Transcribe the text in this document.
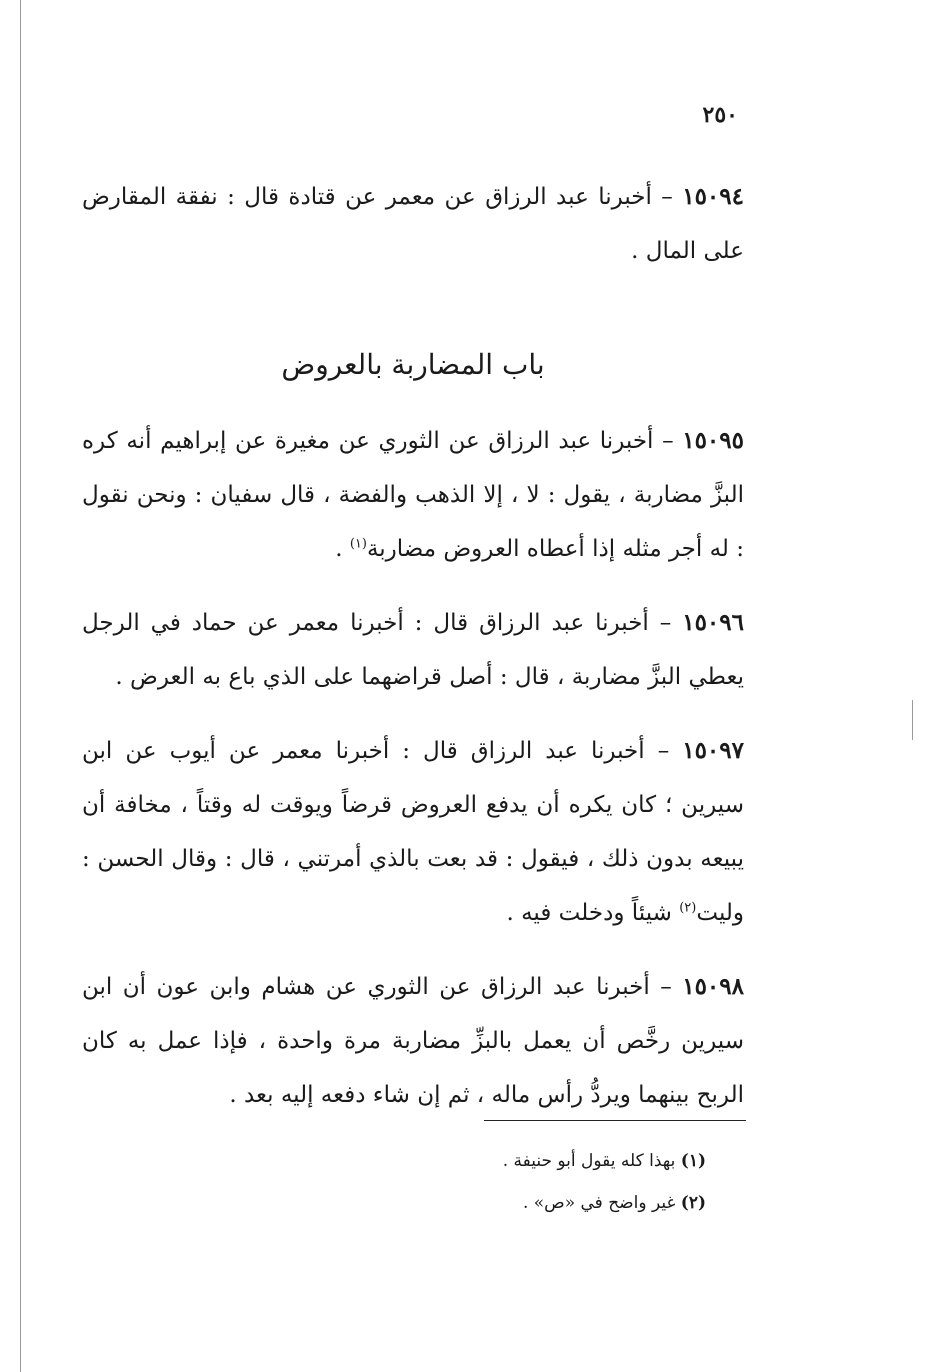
٢٥٠

١٥٠٩٤ – أخبرنا عبد الرزاق عن معمر عن قتادة قال : نفقة المقارض على المال .

باب المضاربة بالعروض

١٥٠٩٥ – أخبرنا عبد الرزاق عن الثوري عن مغيرة عن إبراهيم أنه كره البزَّ مضاربة ، يقول : لا ، إلا الذهب والفضة ، قال سفيان : ونحن نقول : له أجر مثله إذا أعطاه العروض مضاربة$^{(١)}$ .

١٥٠٩٦ – أخبرنا عبد الرزاق قال : أخبرنا معمر عن حماد في الرجل يعطي البزَّ مضاربة ، قال : أصل قراضهما على الذي باع به العرض .

١٥٠٩٧ – أخبرنا عبد الرزاق قال : أخبرنا معمر عن أيوب عن ابن سيرين ؛ كان يكره أن يدفع العروض قرضاً ويوقت له وقتاً ، مخافة أن يبيعه بدون ذلك ، فيقول : قد بعت بالذي أمرتني ، قال : وقال الحسن : وليت$^{(٢)}$ شيئاً ودخلت فيه .

١٥٠٩٨ – أخبرنا عبد الرزاق عن الثوري عن هشام وابن عون أن ابن سيرين رخَّص أن يعمل بالبزِّ مضاربة مرة واحدة ، فإذا عمل به كان الربح بينهما ويردُّ رأس ماله ، ثم إن شاء دفعه إليه بعد .

(١) بهذا كله يقول أبو حنيفة .
(٢) غير واضح في «ص» .
